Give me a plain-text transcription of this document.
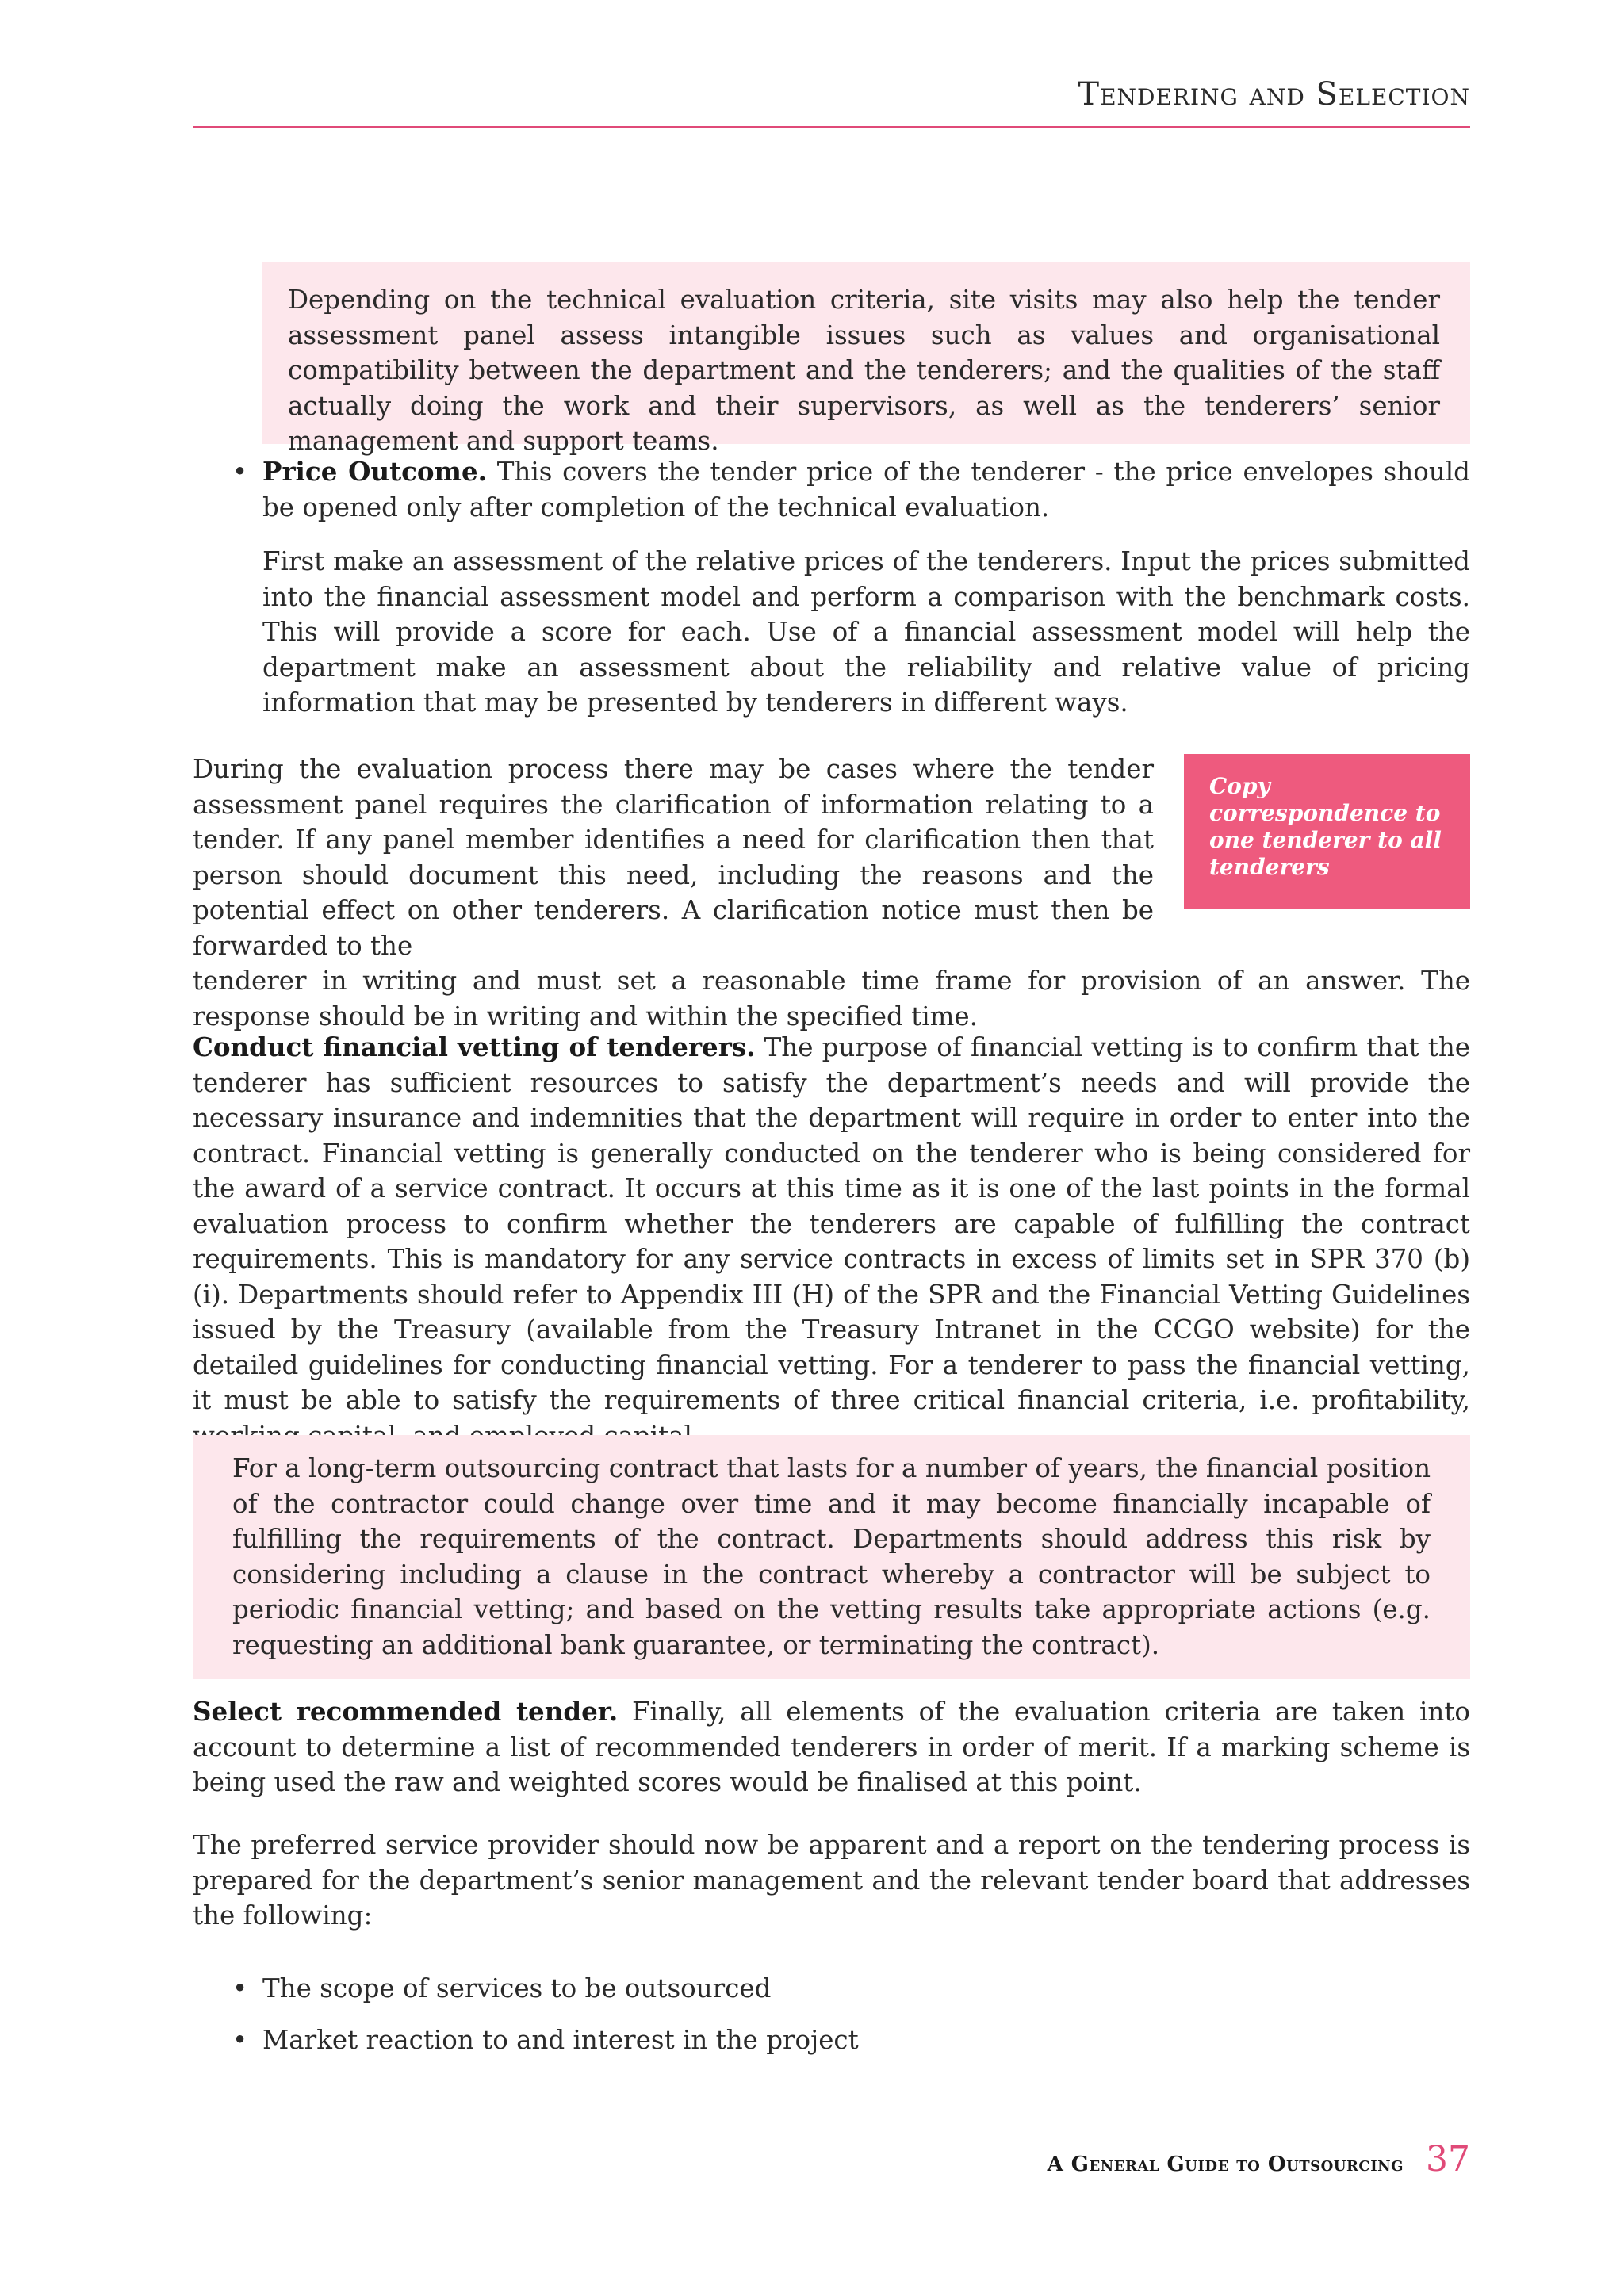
Tendering and Selection

Depending on the technical evaluation criteria, site visits may also help the tender assessment panel assess intangible issues such as values and organisational compatibility between the department and the tenderers; and the qualities of the staff actually doing the work and their supervisors, as well as the tenderers’ senior management and support teams.

• Price Outcome. This covers the tender price of the tenderer - the price envelopes should be opened only after completion of the technical evaluation.

First make an assessment of the relative prices of the tenderers. Input the prices submitted into the financial assessment model and perform a comparison with the benchmark costs. This will provide a score for each. Use of a financial assessment model will help the department make an assessment about the reliability and relative value of pricing information that may be presented by tenderers in different ways.

During the evaluation process there may be cases where the tender assessment panel requires the clarification of information relating to a tender. If any panel member identifies a need for clarification then that person should document this need, including the reasons and the potential effect on other tenderers. A clarification notice must then be forwarded to the

tenderer in writing and must set a reasonable time frame for provision of an answer. The response should be in writing and within the specified time.

Copy correspondence to one tenderer to all tenderers

Conduct financial vetting of tenderers. The purpose of financial vetting is to confirm that the tenderer has sufficient resources to satisfy the department’s needs and will provide the necessary insurance and indemnities that the department will require in order to enter into the contract. Financial vetting is generally conducted on the tenderer who is being considered for the award of a service contract. It occurs at this time as it is one of the last points in the formal evaluation process to confirm whether the tenderers are capable of fulfilling the contract requirements. This is mandatory for any service contracts in excess of limits set in SPR 370 (b) (i). Departments should refer to Appendix III (H) of the SPR and the Financial Vetting Guidelines issued by the Treasury (available from the Treasury Intranet in the CCGO website) for the detailed guidelines for conducting financial vetting. For a tenderer to pass the financial vetting, it must be able to satisfy the requirements of three critical financial criteria, i.e. profitability,

For a long-term outsourcing contract that lasts for a number of years, the financial position of the contractor could change over time and it may become financially incapable of fulfilling the requirements of the contract. Departments should address this risk by considering including a clause in the contract whereby a contractor will be subject to periodic financial vetting; and based on the vetting results take appropriate actions (e.g. requesting an additional bank guarantee, or terminating the contract).

Select recommended tender. Finally, all elements of the evaluation criteria are taken into account to determine a list of recommended tenderers in order of merit. If a marking scheme is being used the raw and weighted scores would be finalised at this point.

The preferred service provider should now be apparent and a report on the tendering process is prepared for the department’s senior management and the relevant tender board that addresses the following:

• The scope of services to be outsourced
• Market reaction to and interest in the project
A General Guide to Outsourcing 37
